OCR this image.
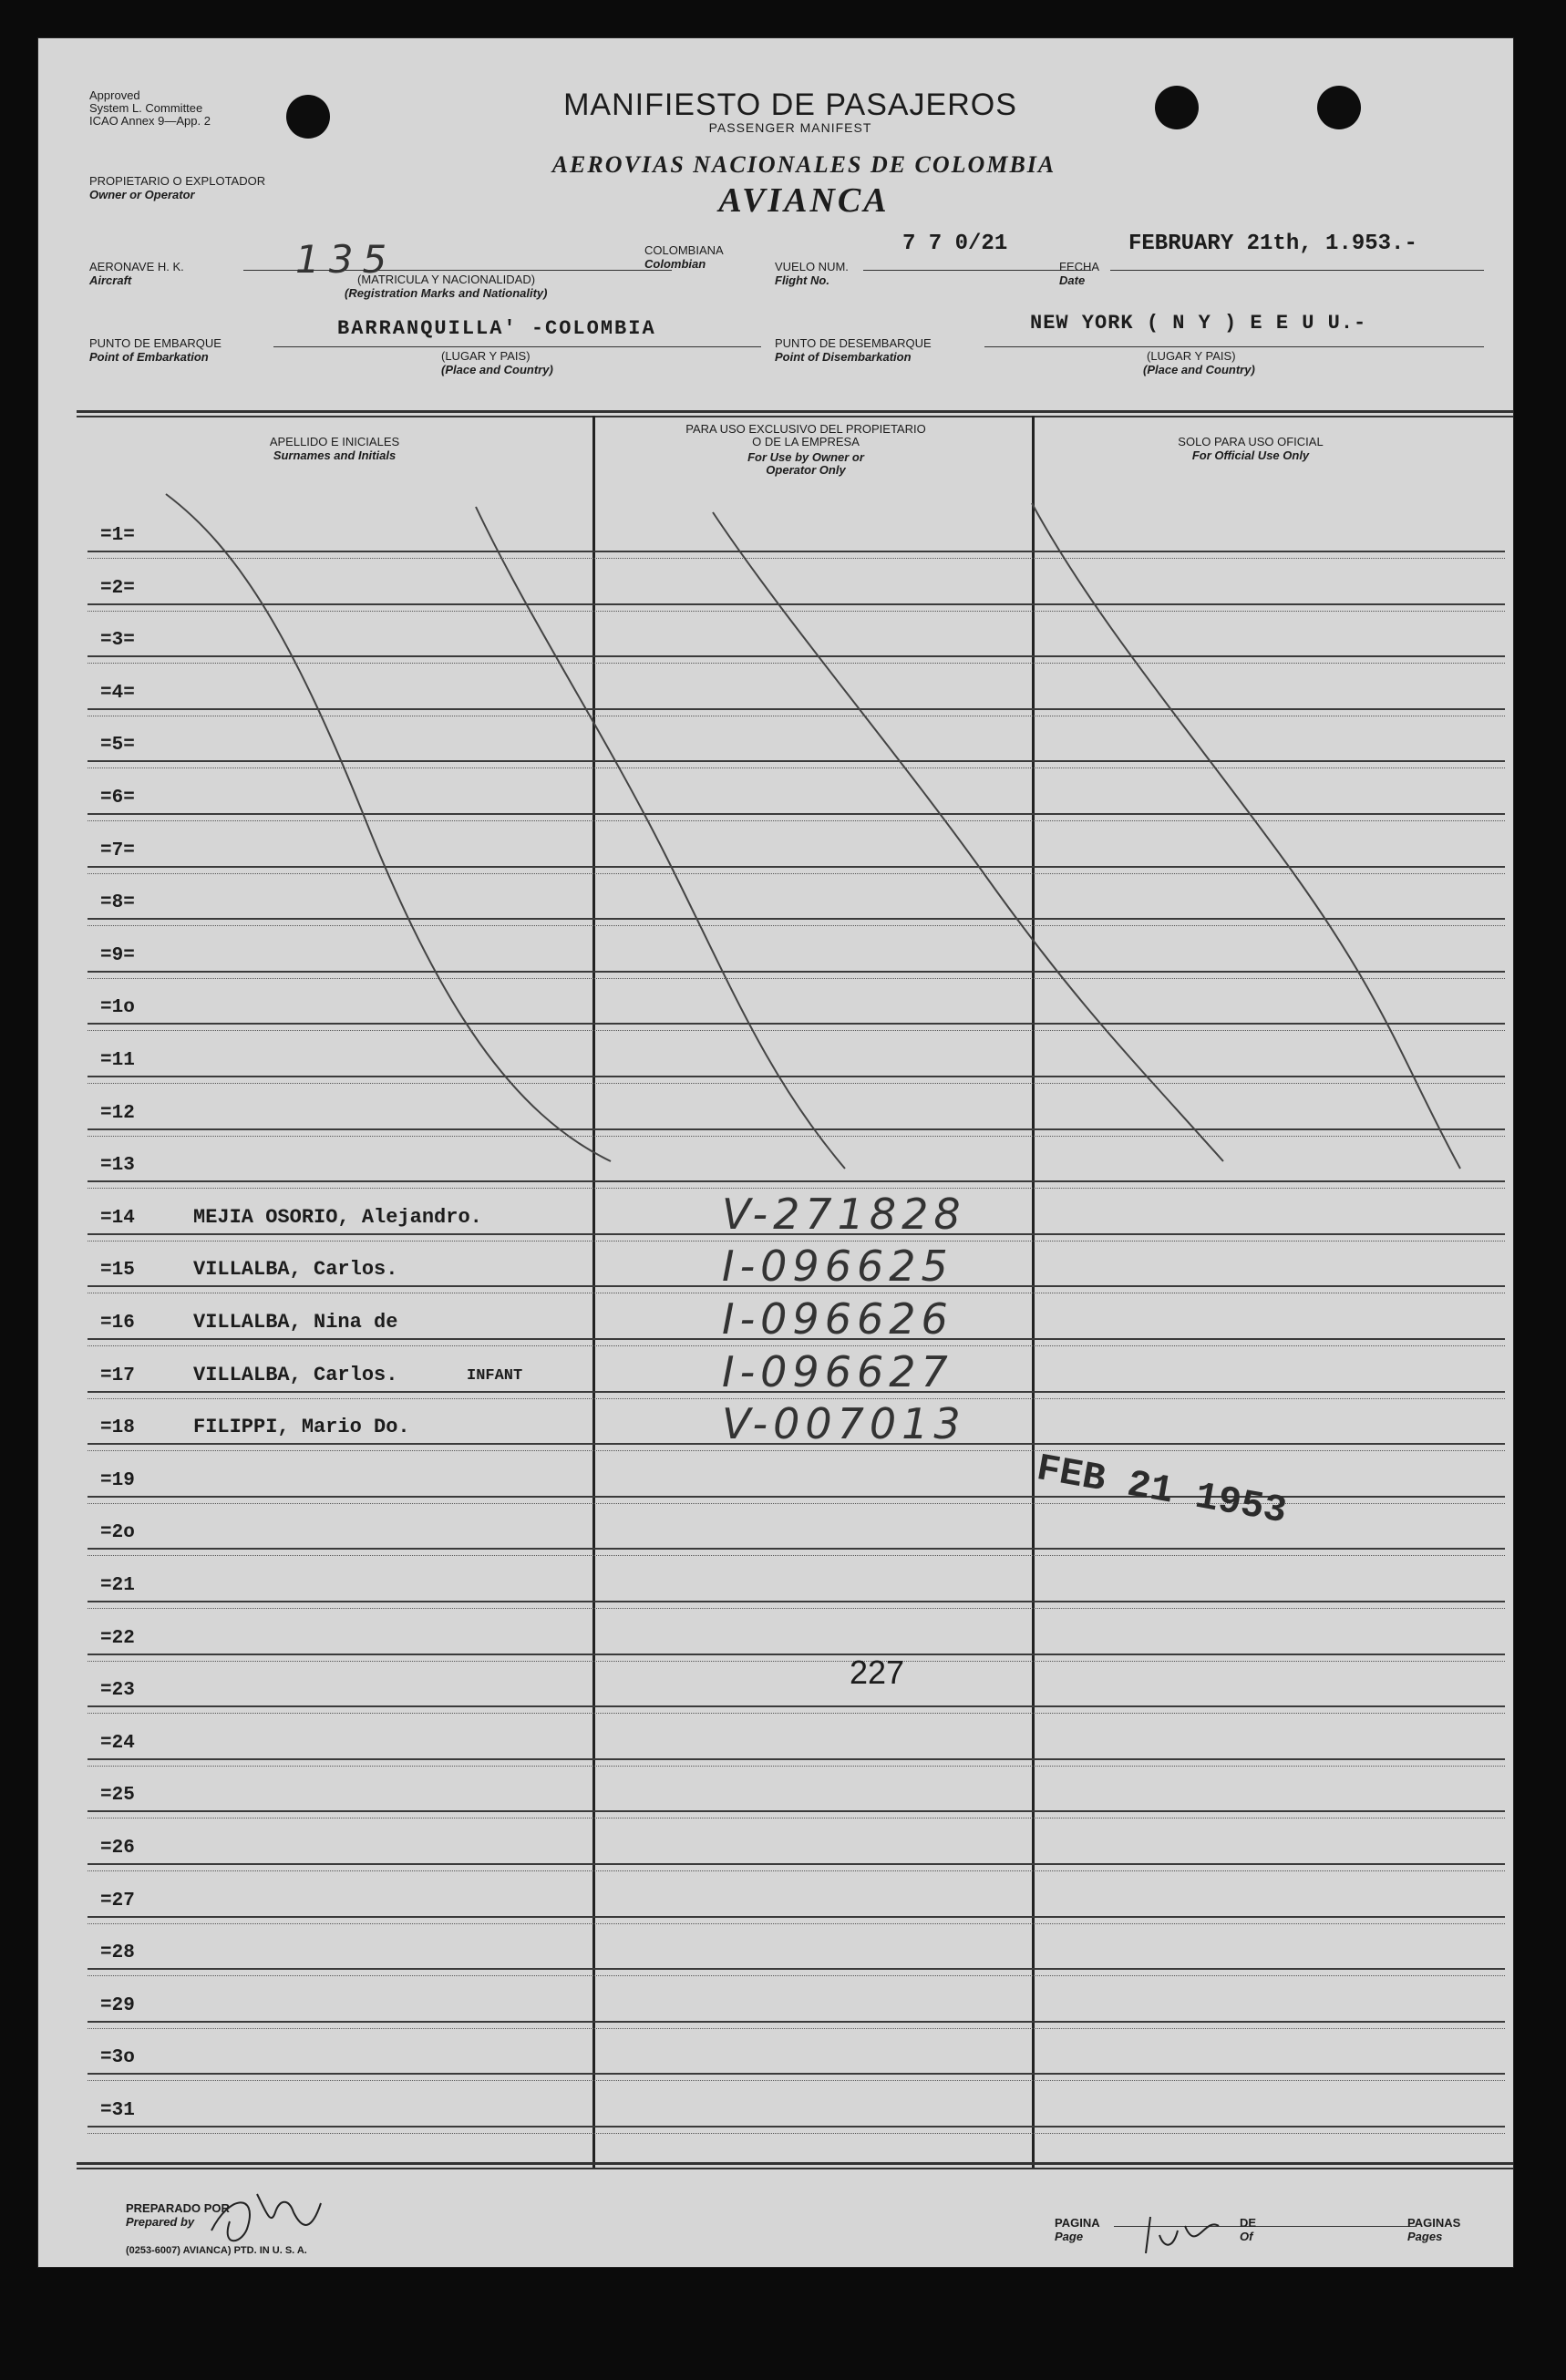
Approved
System L. Committee
ICAO Annex 9—App. 2	MANIFIESTO DE PASAJEROS
PASSENGER MANIFEST
PROPIETARIO O EXPLOTADOR
Owner or Operator
AEROVIAS NACIONALES DE COLOMBIA
AVIANCA
AERONAVE H. K.
Aircraft	135
(MATRICULA Y NACIONALIDAD)
(Registration Marks and Nationality)
COLOMBIANA
Colombian	VUELO NUM.
Flight No.
7 7 0/21
FECHA
Date
FEBRUARY 21th, 1.953.-
PUNTO DE EMBARQUE
Point of Embarkation
BARRANQUILLA' -COLOMBIA
(LUGAR Y PAIS)
(Place and Country)
PUNTO DE DESEMBARQUE
Point of Disembarkation
NEW YORK ( N Y ) E E U U.-
(LUGAR Y PAIS)
(Place and Country)
APELLIDO E INICIALES
Surnames and Initials
PARA USO EXCLUSIVO DEL PROPIETARIO
O DE LA EMPRESA
For Use by Owner or
Operator Only
SOLO PARA USO OFICIAL
For Official Use Only
=1=
=2=
=3=
=4=
=5=
=6=
=7=
=8=
=9=
=1o
=11
=12
=13
=14	MEJIA OSORIO, Alejandro.	V-271828
=15	VILLALBA, Carlos.	I-096625
=16	VILLALBA, Nina de	I-096626
=17	VILLALBA, Carlos.	INFANT	I-096627
=18	FILIPPI, Mario Do.	V-007013
=19
=2o
=21
=22
=23
=24
=25
=26
=27
=28
=29
=3o
=31
FEB 21 1953
227
PREPARADO POR
Prepared by
(0253-6007) AVIANCA) PTD. IN U. S. A.
PAGINA
Page
DE
Of
PAGINAS
Pages
